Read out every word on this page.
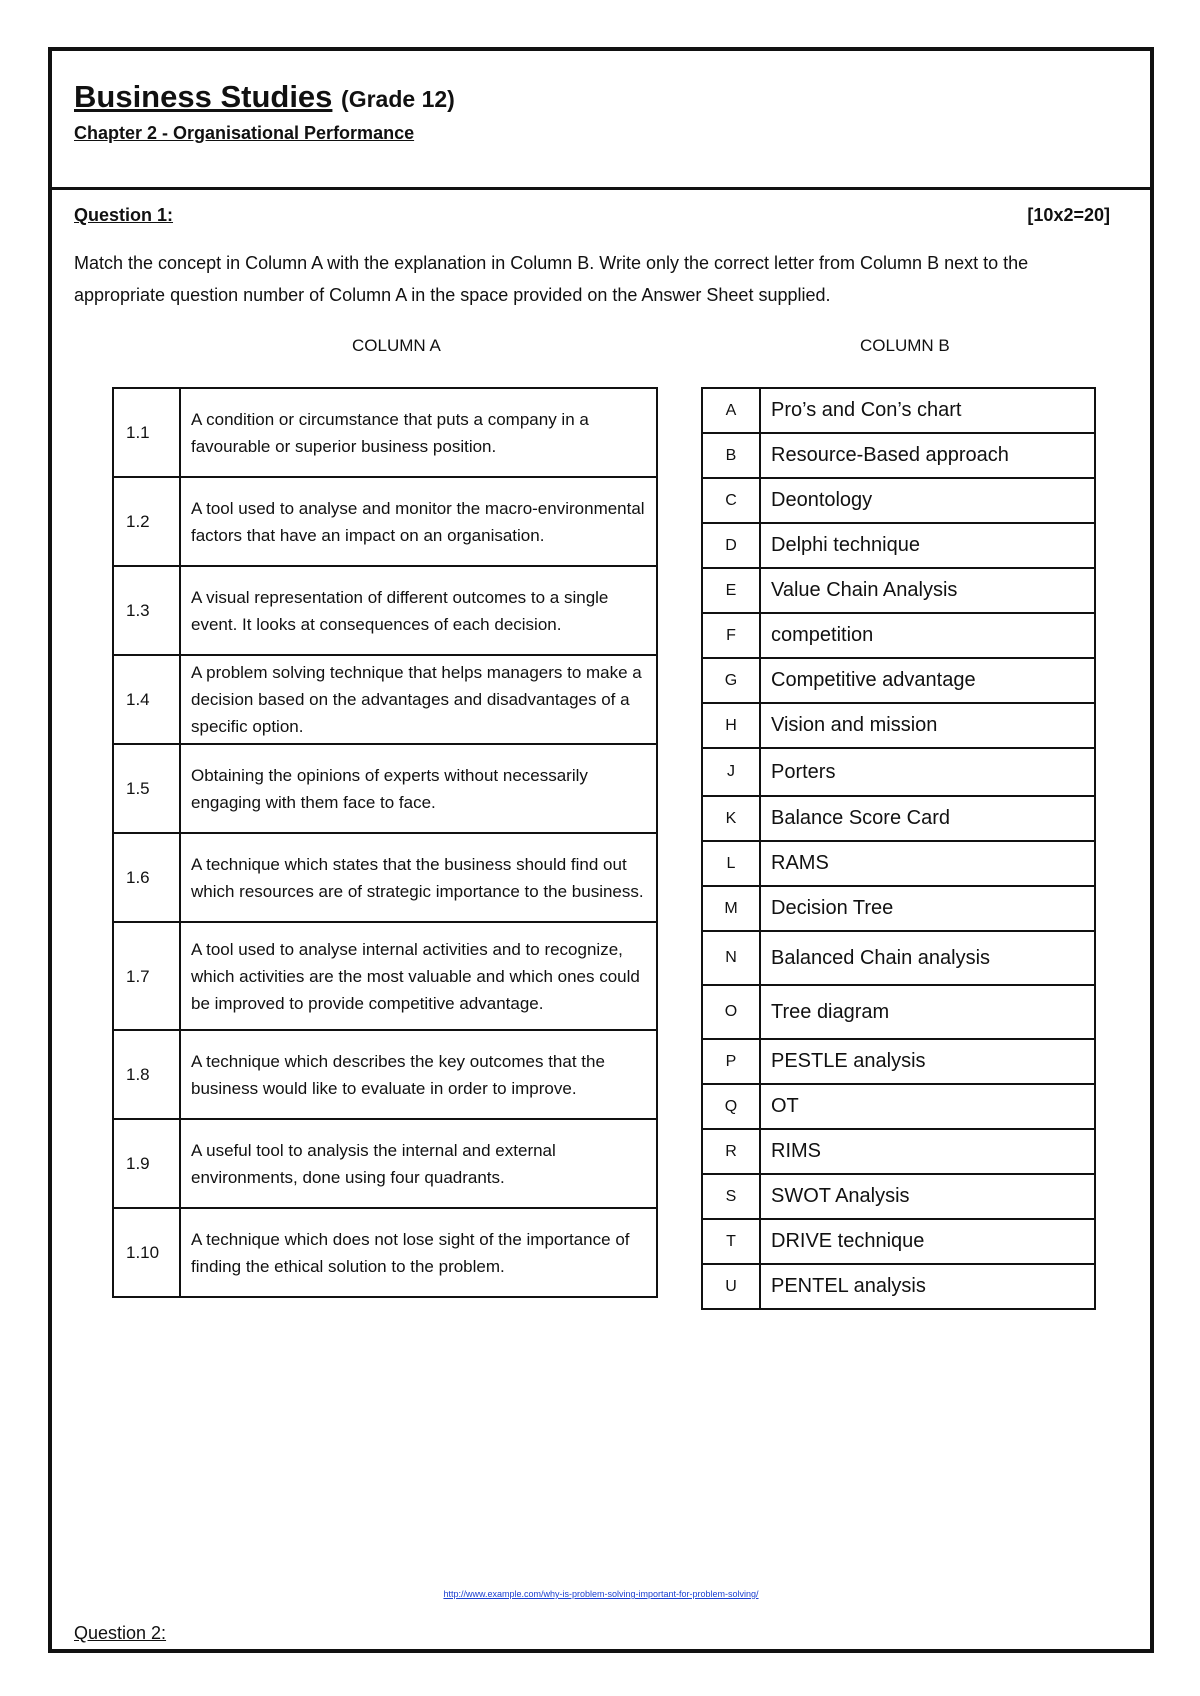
Business Studies (Grade 12)
Chapter 2 - Organisational Performance
Question 1:	[10x2=20]
Match the concept in Column A with the explanation in Column B. Write only the correct letter from Column B next to the appropriate question number of Column A in the space provided on the Answer Sheet supplied.
COLUMN A	COLUMN B
1.1	A condition or circumstance that puts a company in a favourable or superior business position.
1.2	A tool used to analyse and monitor the macro-environmental factors that have an impact on an organisation.
1.3	A visual representation of different outcomes to a single event. It looks at consequences of each decision.
1.4	A problem solving technique that helps managers to make a decision based on the advantages and disadvantages of a specific option.
1.5	Obtaining the opinions of experts without necessarily engaging with them face to face.
1.6	A technique which states that the business should find out which resources are of strategic importance to the business.
1.7	A tool used to analyse internal activities and to recognize, which activities are the most valuable and which ones could be improved to provide competitive advantage.
1.8	A technique which describes the key outcomes that the business would like to evaluate in order to improve.
1.9	A useful tool to analysis the internal and external environments, done using four quadrants.
1.10	A technique which does not lose sight of the importance of finding the ethical solution to the problem.
A	Pro’s and Con’s chart
B	Resource-Based approach
C	Deontology
D	Delphi technique
E	Value Chain Analysis
F	competition
G	Competitive advantage
H	Vision and mission
J	Porters
K	Balance Score Card
L	RAMS
M	Decision Tree
N	Balanced Chain analysis
O	Tree diagram
P	PESTLE analysis
Q	OT
R	RIMS
S	SWOT Analysis
T	DRIVE technique
U	PENTEL analysis
http://www.example.com/why-is-problem-solving-important-for-problem-solving/
Question 2:
